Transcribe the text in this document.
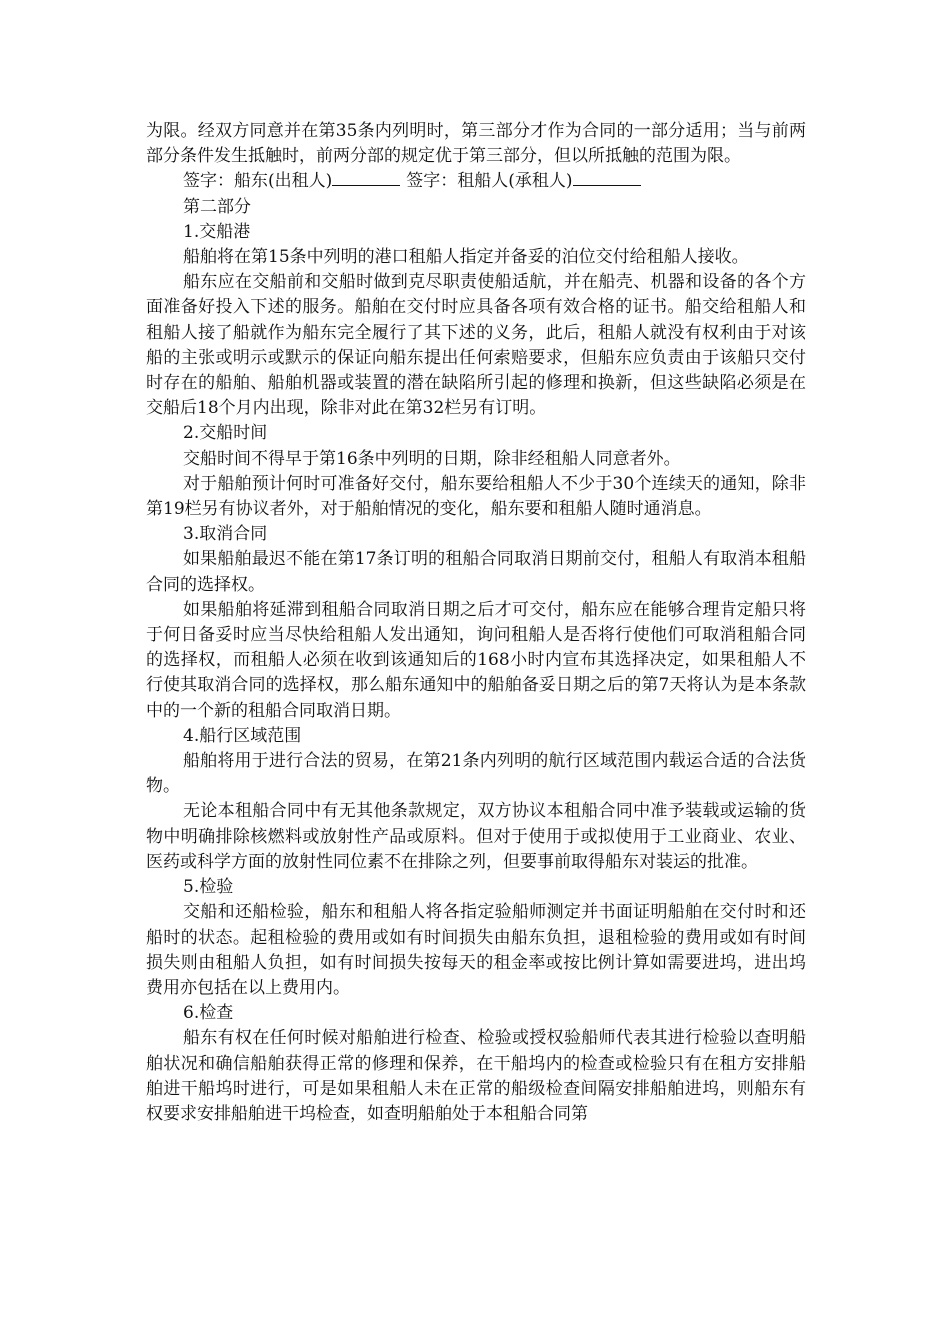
为限。经双方同意并在第35条内列明时，第三部分才作为合同的一部分适用；当与前两部分条件发生抵触时，前两分部的规定优于第三部分，但以所抵触的范围为限。

签字：船东(出租人)	签字：租船人(承租人)

第二部分

1.交船港

船舶将在第15条中列明的港口租船人指定并备妥的泊位交付给租船人接收。

船东应在交船前和交船时做到克尽职责使船适航，并在船壳、机器和设备的各个方面准备好投入下述的服务。船舶在交付时应具备各项有效合格的证书。船交给租船人和租船人接了船就作为船东完全履行了其下述的义务，此后，租船人就没有权利由于对该船的主张或明示或默示的保证向船东提出任何索赔要求，但船东应负责由于该船只交付时存在的船舶、船舶机器或装置的潜在缺陷所引起的修理和换新，但这些缺陷必须是在交船后18个月内出现，除非对此在第32栏另有订明。

2.交船时间

交船时间不得早于第16条中列明的日期，除非经租船人同意者外。

对于船舶预计何时可准备好交付，船东要给租船人不少于30个连续天的通知，除非第19栏另有协议者外，对于船舶情况的变化，船东要和租船人随时通消息。

3.取消合同

如果船舶最迟不能在第17条订明的租船合同取消日期前交付，租船人有取消本租船合同的选择权。

如果船舶将延滞到租船合同取消日期之后才可交付，船东应在能够合理肯定船只将于何日备妥时应当尽快给租船人发出通知，询问租船人是否将行使他们可取消租船合同的选择权，而租船人必须在收到该通知后的168小时内宣布其选择决定，如果租船人不行使其取消合同的选择权，那么船东通知中的船舶备妥日期之后的第7天将认为是本条款中的一个新的租船合同取消日期。

4.船行区域范围

船舶将用于进行合法的贸易，在第21条内列明的航行区域范围内载运合适的合法货物。

无论本租船合同中有无其他条款规定，双方协议本租船合同中准予装载或运输的货物中明确排除核燃料或放射性产品或原料。但对于使用于或拟使用于工业商业、农业、医药或科学方面的放射性同位素不在排除之列，但要事前取得船东对装运的批准。

5.检验

交船和还船检验，船东和租船人将各指定验船师测定并书面证明船舶在交付时和还船时的状态。起租检验的费用或如有时间损失由船东负担，退租检验的费用或如有时间损失则由租船人负担，如有时间损失按每天的租金率或按比例计算如需要进坞，进出坞费用亦包括在以上费用内。

6.检查

船东有权在任何时候对船舶进行检查、检验或授权验船师代表其进行检验以查明船舶状况和确信船舶获得正常的修理和保养，在干船坞内的检查或检验只有在租方安排船舶进干船坞时进行，可是如果租船人未在正常的船级检查间隔安排船舶进坞，则船东有权要求安排船舶进干坞检查，如查明船舶处于本租船合同第
